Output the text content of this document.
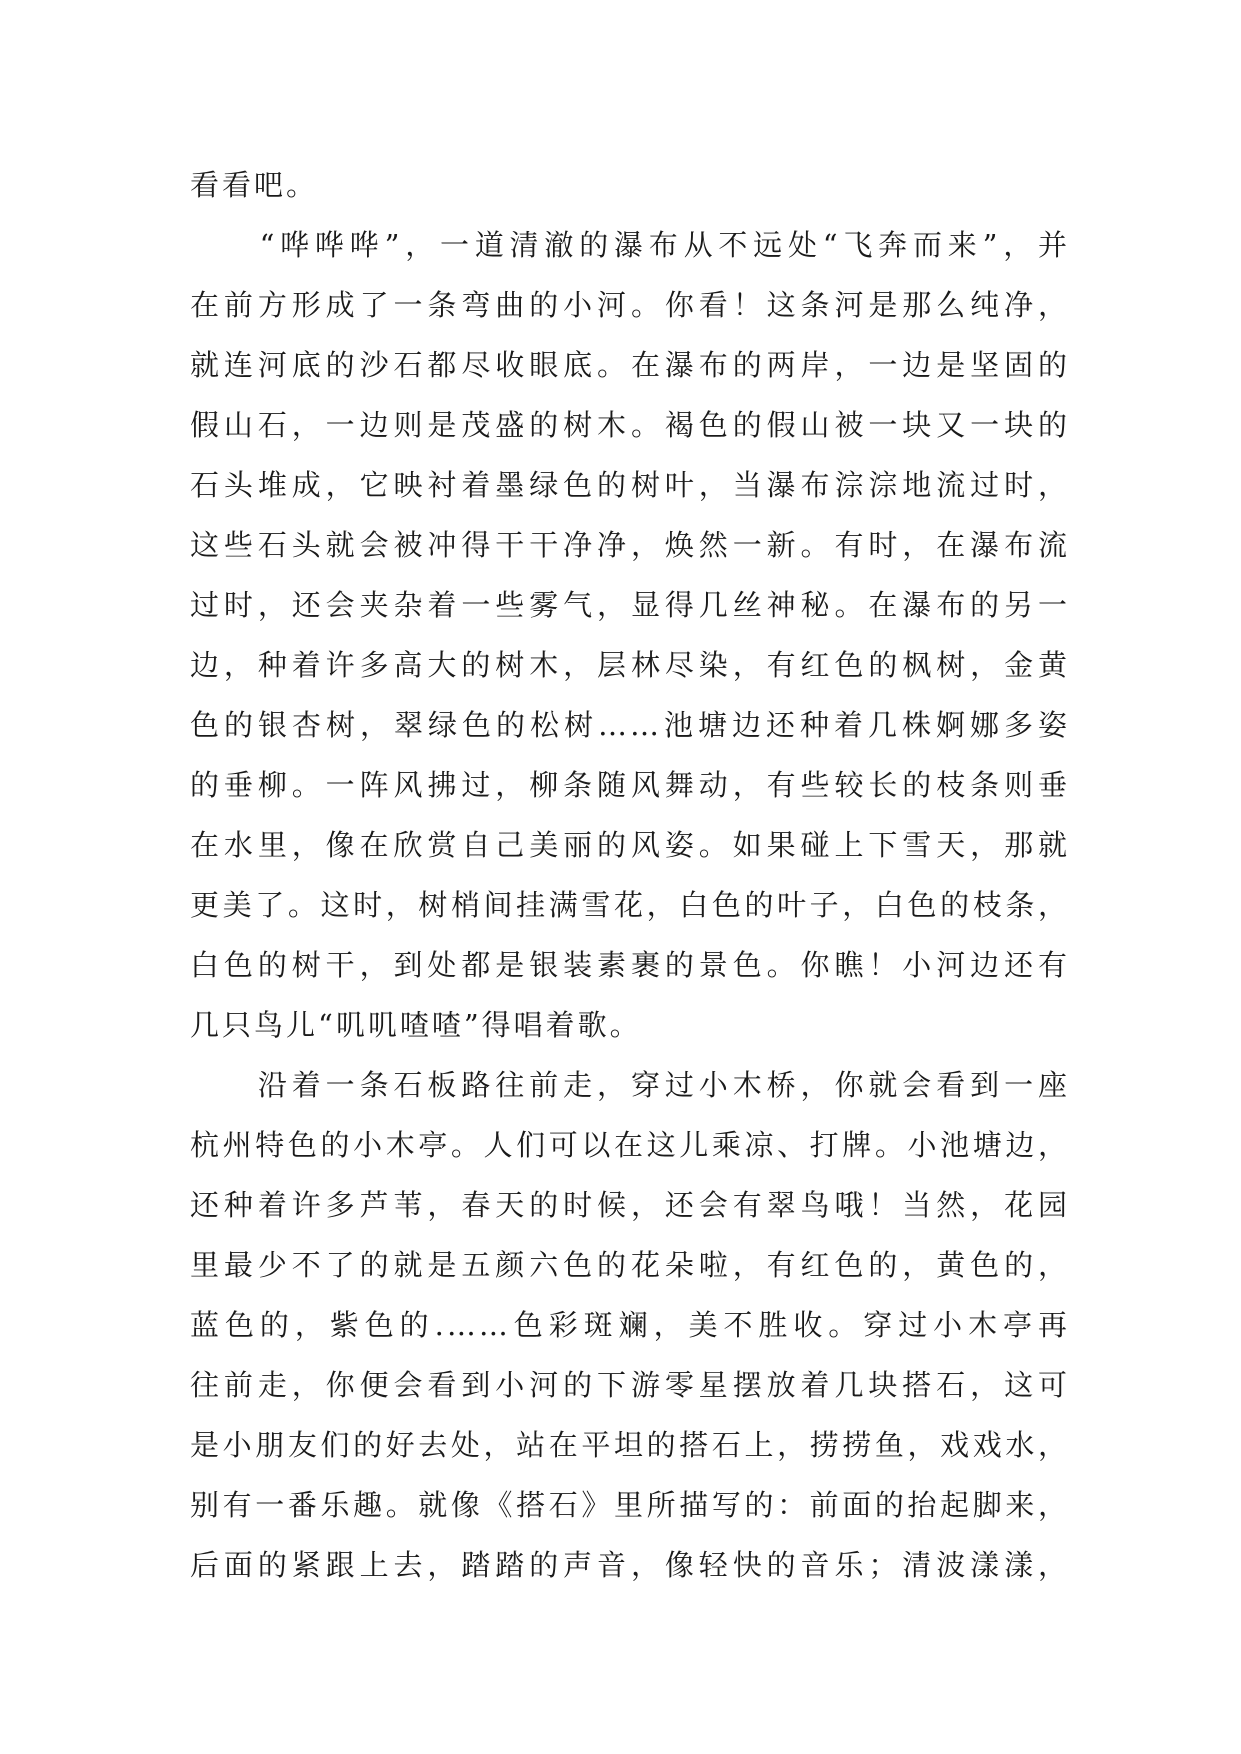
看看吧。
　　“哗哗哗”，一道清澈的瀑布从不远处“飞奔而来”，并
在前方形成了一条弯曲的小河。你看！这条河是那么纯净，
就连河底的沙石都尽收眼底。在瀑布的两岸，一边是坚固的
假山石，一边则是茂盛的树木。褐色的假山被一块又一块的
石头堆成，它映衬着墨绿色的树叶，当瀑布淙淙地流过时，
这些石头就会被冲得干干净净，焕然一新。有时，在瀑布流
过时，还会夹杂着一些雾气，显得几丝神秘。在瀑布的另一
边，种着许多高大的树木，层林尽染，有红色的枫树，金黄
色的银杏树，翠绿色的松树……池塘边还种着几株婀娜多姿
的垂柳。一阵风拂过，柳条随风舞动，有些较长的枝条则垂
在水里，像在欣赏自己美丽的风姿。如果碰上下雪天，那就
更美了。这时，树梢间挂满雪花，白色的叶子，白色的枝条，
白色的树干，到处都是银装素裹的景色。你瞧！小河边还有
几只鸟儿“叽叽喳喳”得唱着歌。
　　沿着一条石板路往前走，穿过小木桥，你就会看到一座
杭州特色的小木亭。人们可以在这儿乘凉、打牌。小池塘边，
还种着许多芦苇，春天的时候，还会有翠鸟哦！当然，花园
里最少不了的就是五颜六色的花朵啦，有红色的，黄色的，
蓝色的，紫色的.……色彩斑斓，美不胜收。穿过小木亭再
往前走，你便会看到小河的下游零星摆放着几块搭石，这可
是小朋友们的好去处，站在平坦的搭石上，捞捞鱼，戏戏水，
别有一番乐趣。就像《搭石》里所描写的：前面的抬起脚来，
后面的紧跟上去，踏踏的声音，像轻快的音乐；清波漾漾，
